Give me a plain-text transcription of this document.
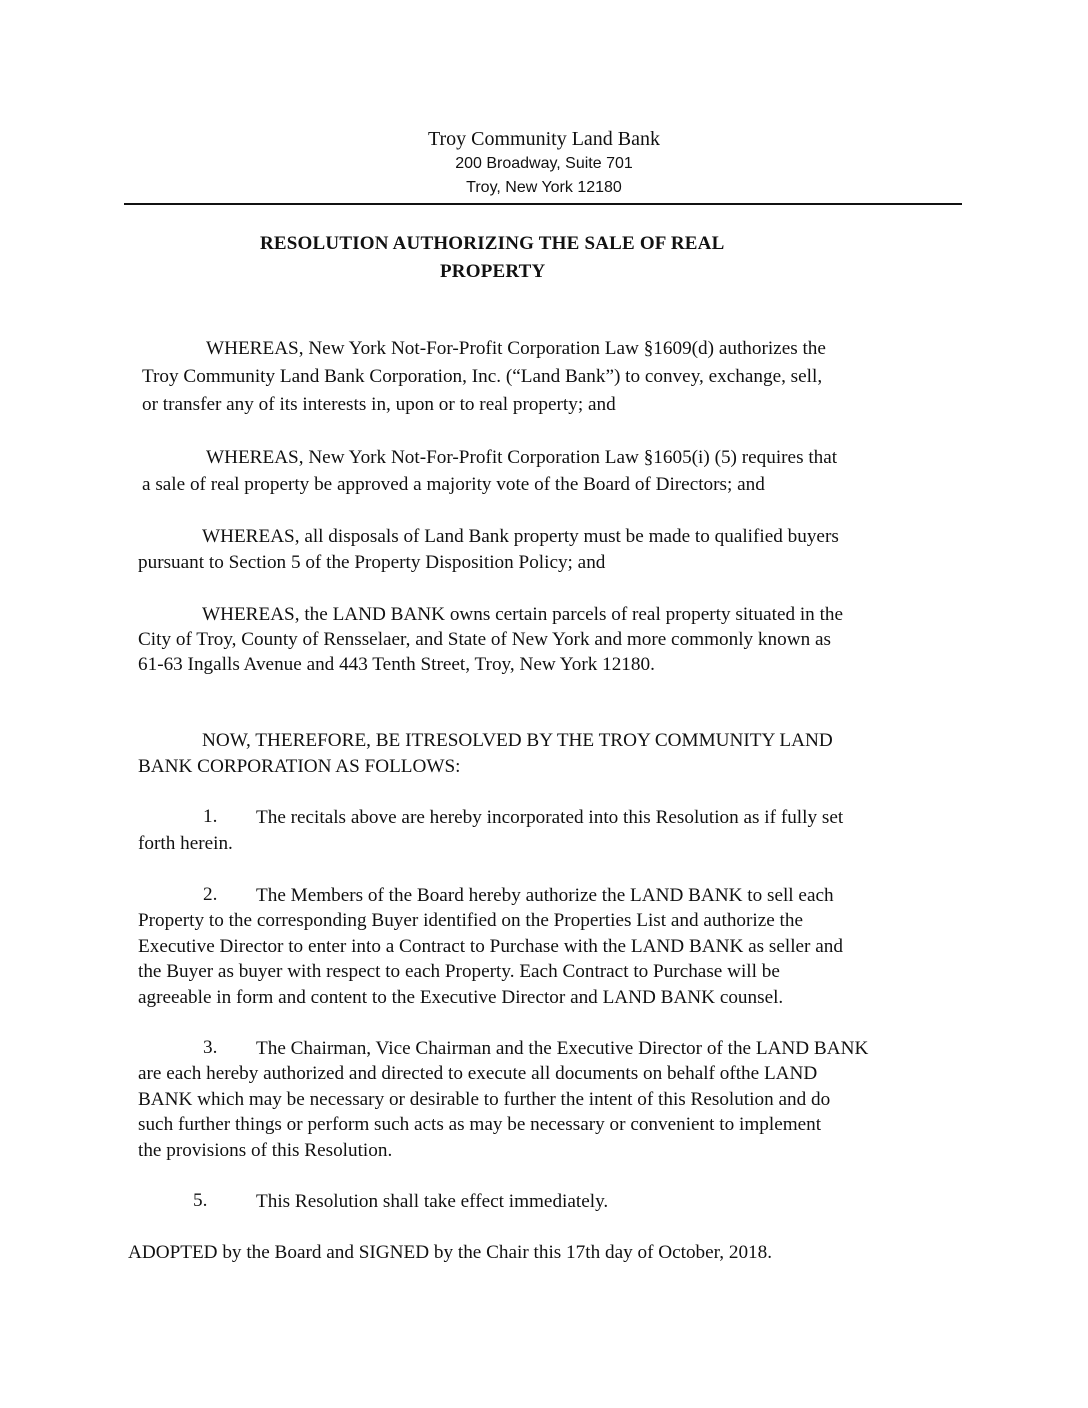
Troy Community Land Bank
200 Broadway, Suite 701
Troy, New York 12180
RESOLUTION AUTHORIZING THE SALE OF REAL
PROPERTY
WHEREAS, New York Not-For-Profit Corporation Law §1609(d) authorizes the
Troy Community Land Bank Corporation, Inc. (“Land Bank”) to convey, exchange, sell,
or transfer any of its interests in, upon or to real property; and
WHEREAS, New York Not-For-Profit Corporation Law §1605(i) (5) requires that
a sale of real property be approved a majority vote of the Board of Directors; and
WHEREAS, all disposals of Land Bank property must be made to qualified buyers
pursuant to Section 5 of the Property Disposition Policy; and
WHEREAS, the LAND BANK owns certain parcels of real property situated in the
City of Troy, County of Rensselaer, and State of New York and more commonly known as
61-63 Ingalls Avenue and 443 Tenth Street, Troy, New York 12180.
NOW, THEREFORE, BE ITRESOLVED BY THE TROY COMMUNITY LAND
BANK CORPORATION AS FOLLOWS:
1. The recitals above are hereby incorporated into this Resolution as if fully set
forth herein.
2. The Members of the Board hereby authorize the LAND BANK to sell each
Property to the corresponding Buyer identified on the Properties List and authorize the
Executive Director to enter into a Contract to Purchase with the LAND BANK as seller and
the Buyer as buyer with respect to each Property. Each Contract to Purchase will be
agreeable in form and content to the Executive Director and LAND BANK counsel.
3. The Chairman, Vice Chairman and the Executive Director of the LAND BANK
are each hereby authorized and directed to execute all documents on behalf ofthe LAND
BANK which may be necessary or desirable to further the intent of this Resolution and do
such further things or perform such acts as may be necessary or convenient to implement
the provisions of this Resolution.
5.	This Resolution shall take effect immediately.
ADOPTED by the Board and SIGNED by the Chair this 17th day of October, 2018.
